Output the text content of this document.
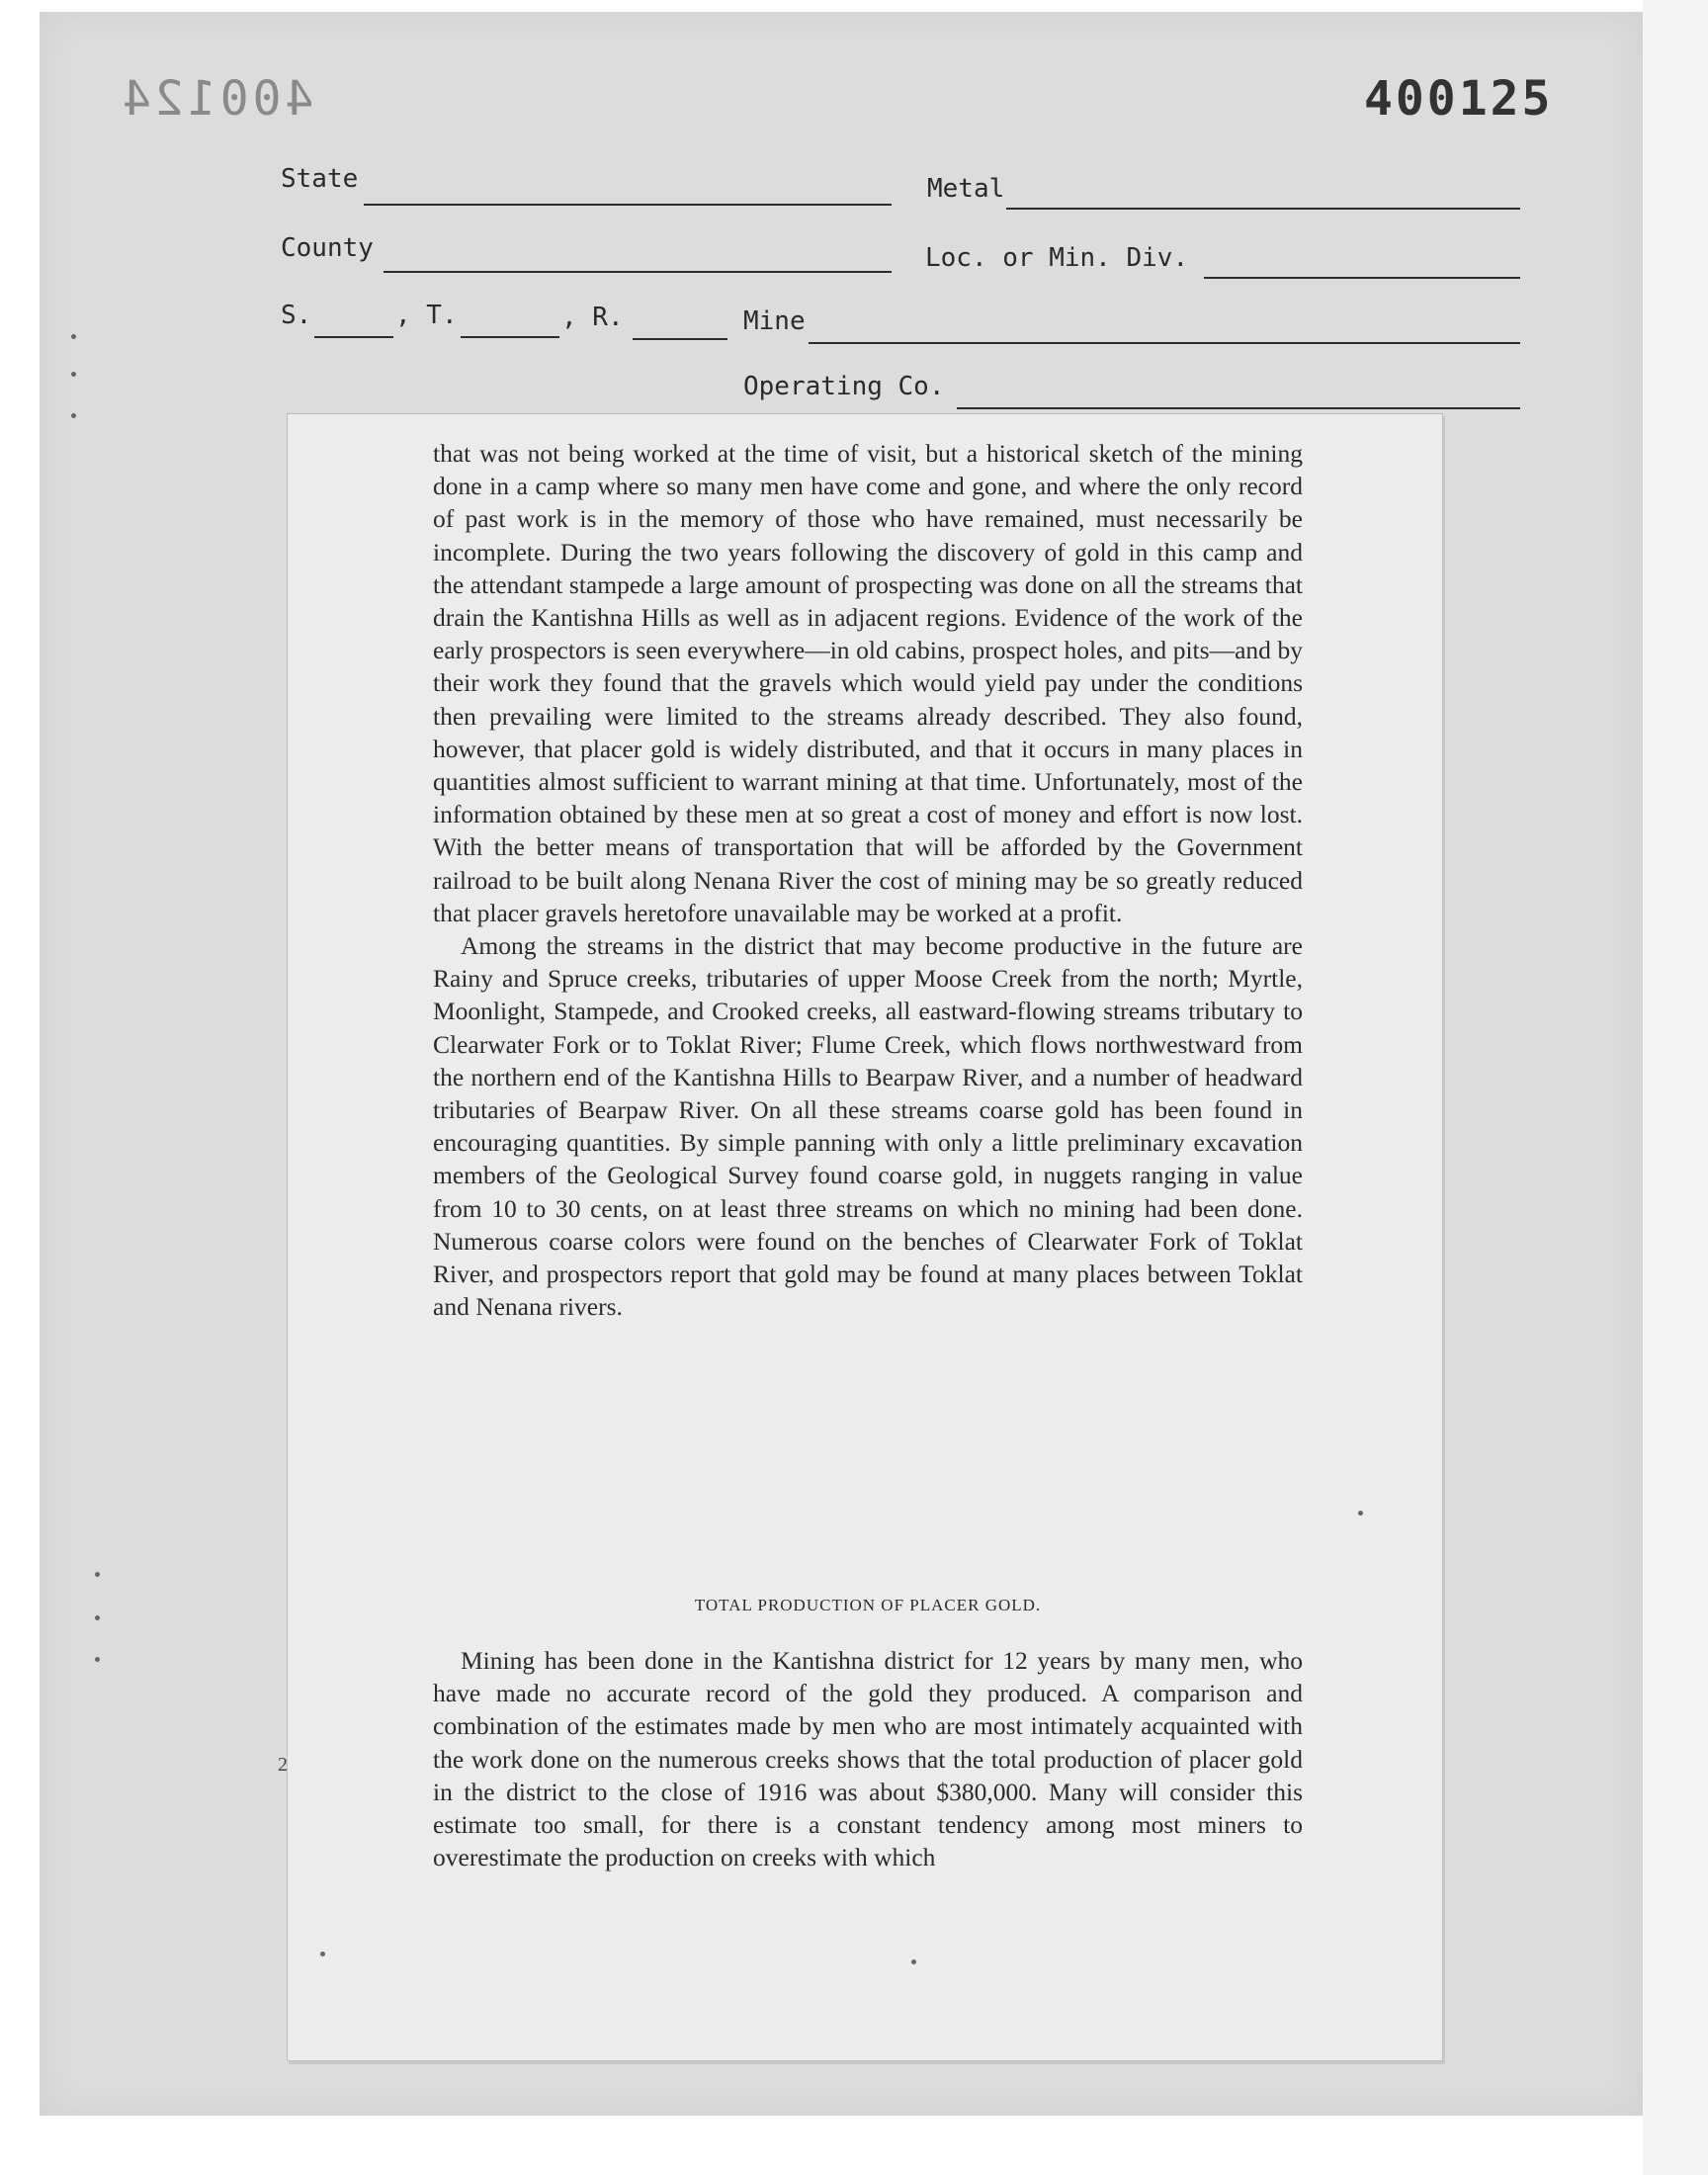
400124	400125
State	Metal
County	Loc. or Min. Div.
S.	, T.	, R.	Mine
Operating Co.

that was not being worked at the time of visit, but a historical sketch of the mining done in a camp where so many men have come and gone, and where the only record of past work is in the memory of those who have remained, must necessarily be incomplete. During the two years following the discovery of gold in this camp and the attendant stampede a large amount of prospecting was done on all the streams that drain the Kantishna Hills as well as in adjacent regions. Evidence of the work of the early prospectors is seen everywhere—in old cabins, prospect holes, and pits—and by their work they found that the gravels which would yield pay under the conditions then prevailing were limited to the streams already described. They also found, however, that placer gold is widely distributed, and that it occurs in many places in quantities almost sufficient to warrant mining at that time. Unfortunately, most of the information obtained by these men at so great a cost of money and effort is now lost. With the better means of transportation that will be afforded by the Government railroad to be built along Nenana River the cost of mining may be so greatly reduced that placer gravels heretofore unavailable may be worked at a profit.

Among the streams in the district that may become productive in the future are Rainy and Spruce creeks, tributaries of upper Moose Creek from the north; Myrtle, Moonlight, Stampede, and Crooked creeks, all eastward-flowing streams tributary to Clearwater Fork or to Toklat River; Flume Creek, which flows northwestward from the northern end of the Kantishna Hills to Bearpaw River, and a number of headward tributaries of Bearpaw River. On all these streams coarse gold has been found in encouraging quantities. By simple panning with only a little preliminary excavation members of the Geological Survey found coarse gold, in nuggets ranging in value from 10 to 30 cents, on at least three streams on which no mining had been done. Numerous coarse colors were found on the benches of Clearwater Fork of Toklat River, and prospectors report that gold may be found at many places between Toklat and Nenana rivers.

TOTAL PRODUCTION OF PLACER GOLD.

Mining has been done in the Kantishna district for 12 years by many men, who have made no accurate record of the gold they produced. A comparison and combination of the estimates made by men who are most intimately acquainted with the work done on the numerous creeks shows that the total production of placer gold in the district to the close of 1916 was about $380,000. Many will consider this estimate too small, for there is a constant tendency among most miners to overestimate the production on creeks with which

2
